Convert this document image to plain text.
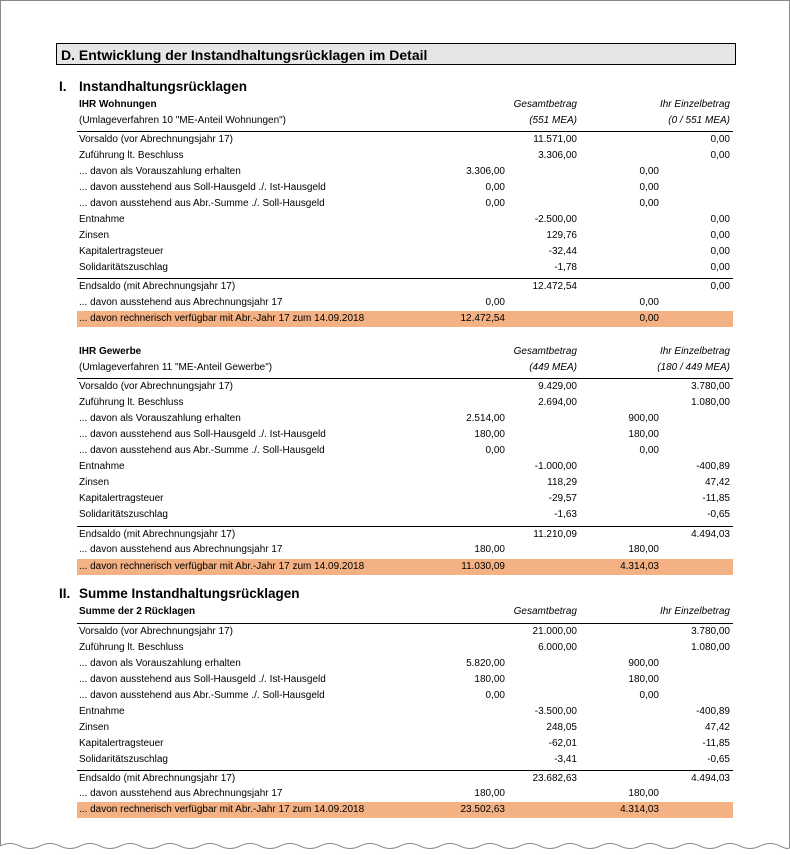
D. Entwicklung der Instandhaltungsrücklagen im Detail
I. Instandhaltungsrücklagen
IHR Wohnungen	Gesamtbetrag	Ihr Einzelbetrag
(Umlageverfahren 10 "ME-Anteil Wohnungen")	(551 MEA)	(0 / 551 MEA)
Vorsaldo (vor Abrechnungsjahr 17)	11.571,00	0,00
Zuführung lt. Beschluss	3.306,00	0,00
... davon als Vorauszahlung erhalten	3.306,00	0,00
... davon ausstehend aus Soll-Hausgeld ./. Ist-Hausgeld	0,00	0,00
... davon ausstehend aus Abr.-Summe ./. Soll-Hausgeld	0,00	0,00
Entnahme	-2.500,00	0,00
Zinsen	129,76	0,00
Kapitalertragsteuer	-32,44	0,00
Solidaritätszuschlag	-1,78	0,00
Endsaldo (mit Abrechnungsjahr 17)	12.472,54	0,00
... davon ausstehend aus Abrechnungsjahr 17	0,00	0,00
... davon rechnerisch verfügbar mit Abr.-Jahr 17 zum 14.09.2018	12.472,54	0,00
IHR Gewerbe	Gesamtbetrag	Ihr Einzelbetrag
(Umlageverfahren 11 "ME-Anteil Gewerbe")	(449 MEA)	(180 / 449 MEA)
Vorsaldo (vor Abrechnungsjahr 17)	9.429,00	3.780,00
Zuführung lt. Beschluss	2.694,00	1.080,00
... davon als Vorauszahlung erhalten	2.514,00	900,00
... davon ausstehend aus Soll-Hausgeld ./. Ist-Hausgeld	180,00	180,00
... davon ausstehend aus Abr.-Summe ./. Soll-Hausgeld	0,00	0,00
Entnahme	-1.000,00	-400,89
Zinsen	118,29	47,42
Kapitalertragsteuer	-29,57	-11,85
Solidaritätszuschlag	-1,63	-0,65
Endsaldo (mit Abrechnungsjahr 17)	11.210,09	4.494,03
... davon ausstehend aus Abrechnungsjahr 17	180,00	180,00
... davon rechnerisch verfügbar mit Abr.-Jahr 17 zum 14.09.2018	11.030,09	4.314,03
II. Summe Instandhaltungsrücklagen
Summe der 2 Rücklagen	Gesamtbetrag	Ihr Einzelbetrag
Vorsaldo (vor Abrechnungsjahr 17)	21.000,00	3.780,00
Zuführung lt. Beschluss	6.000,00	1.080,00
... davon als Vorauszahlung erhalten	5.820,00	900,00
... davon ausstehend aus Soll-Hausgeld ./. Ist-Hausgeld	180,00	180,00
... davon ausstehend aus Abr.-Summe ./. Soll-Hausgeld	0,00	0,00
Entnahme	-3.500,00	-400,89
Zinsen	248,05	47,42
Kapitalertragsteuer	-62,01	-11,85
Solidaritätszuschlag	-3,41	-0,65
Endsaldo (mit Abrechnungsjahr 17)	23.682,63	4.494,03
... davon ausstehend aus Abrechnungsjahr 17	180,00	180,00
... davon rechnerisch verfügbar mit Abr.-Jahr 17 zum 14.09.2018	23.502,63	4.314,03
